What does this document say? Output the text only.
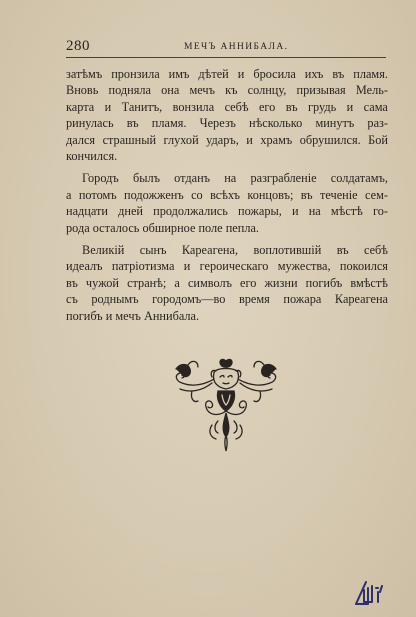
280	МЕЧЪ АННИБАЛА.
затѣмъ пронзила имъ дѣтей и бросила ихъ въ пламя.
Вновь подняла она мечъ къ солнцу, призывая Мель-
карта и Танитъ, вонзила себѣ его въ грудь и сама
ринулась въ пламя. Черезъ нѣсколько минутъ раз-
дался страшный глухой ударъ, и храмъ обрушился. Бой
кончился.
Городъ былъ отданъ на разграбленіе солдатамъ,
а потомъ подожженъ со всѣхъ концовъ; въ теченіе сем-
надцати дней продолжались пожары, и на мѣстѣ го-
рода осталось обширное поле пепла.
Великій сынъ Кареагена, воплотившій въ себѣ
идеалъ патріотизма и героическаго мужества, покоился
въ чужой странѣ; а символъ его жизни погибъ вмѣстѣ
съ роднымъ городомъ—во время пожара Кареагена
погибъ и мечъ Аннибала.
